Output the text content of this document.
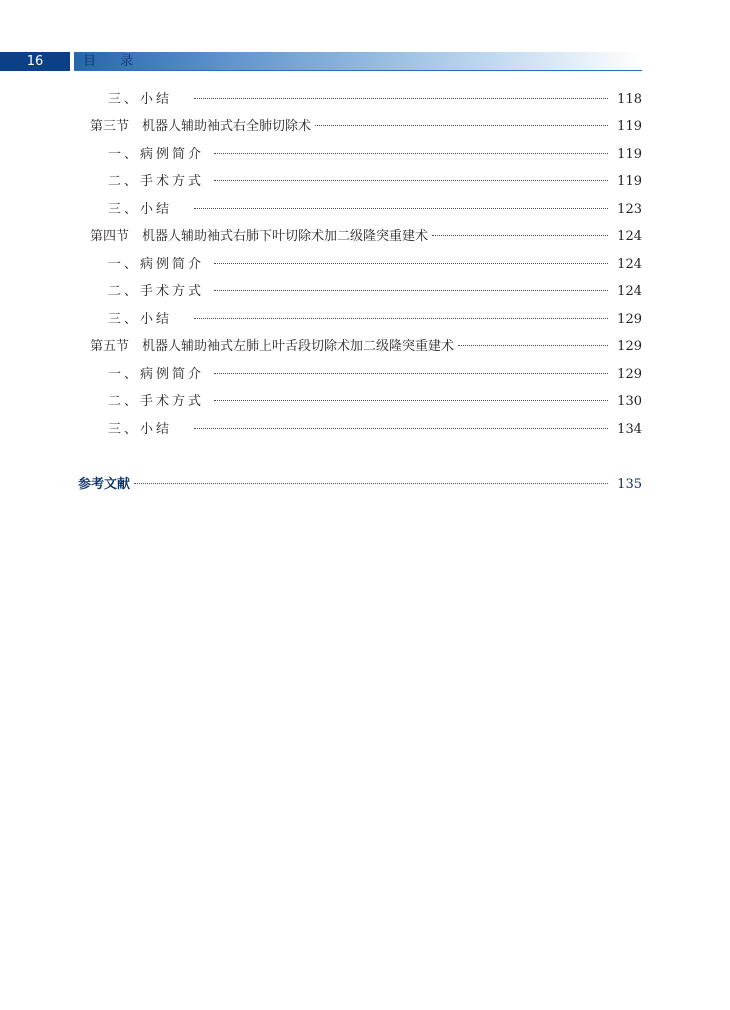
16	目录
三、小结	118
第三节　机器人辅助袖式右全肺切除术	119
一、病例简介	119
二、手术方式	119
三、小结	123
第四节　机器人辅助袖式右肺下叶切除术加二级隆突重建术	124
一、病例简介	124
二、手术方式	124
三、小结	129
第五节　机器人辅助袖式左肺上叶舌段切除术加二级隆突重建术	129
一、病例简介	129
二、手术方式	130
三、小结	134
参考文献	135
